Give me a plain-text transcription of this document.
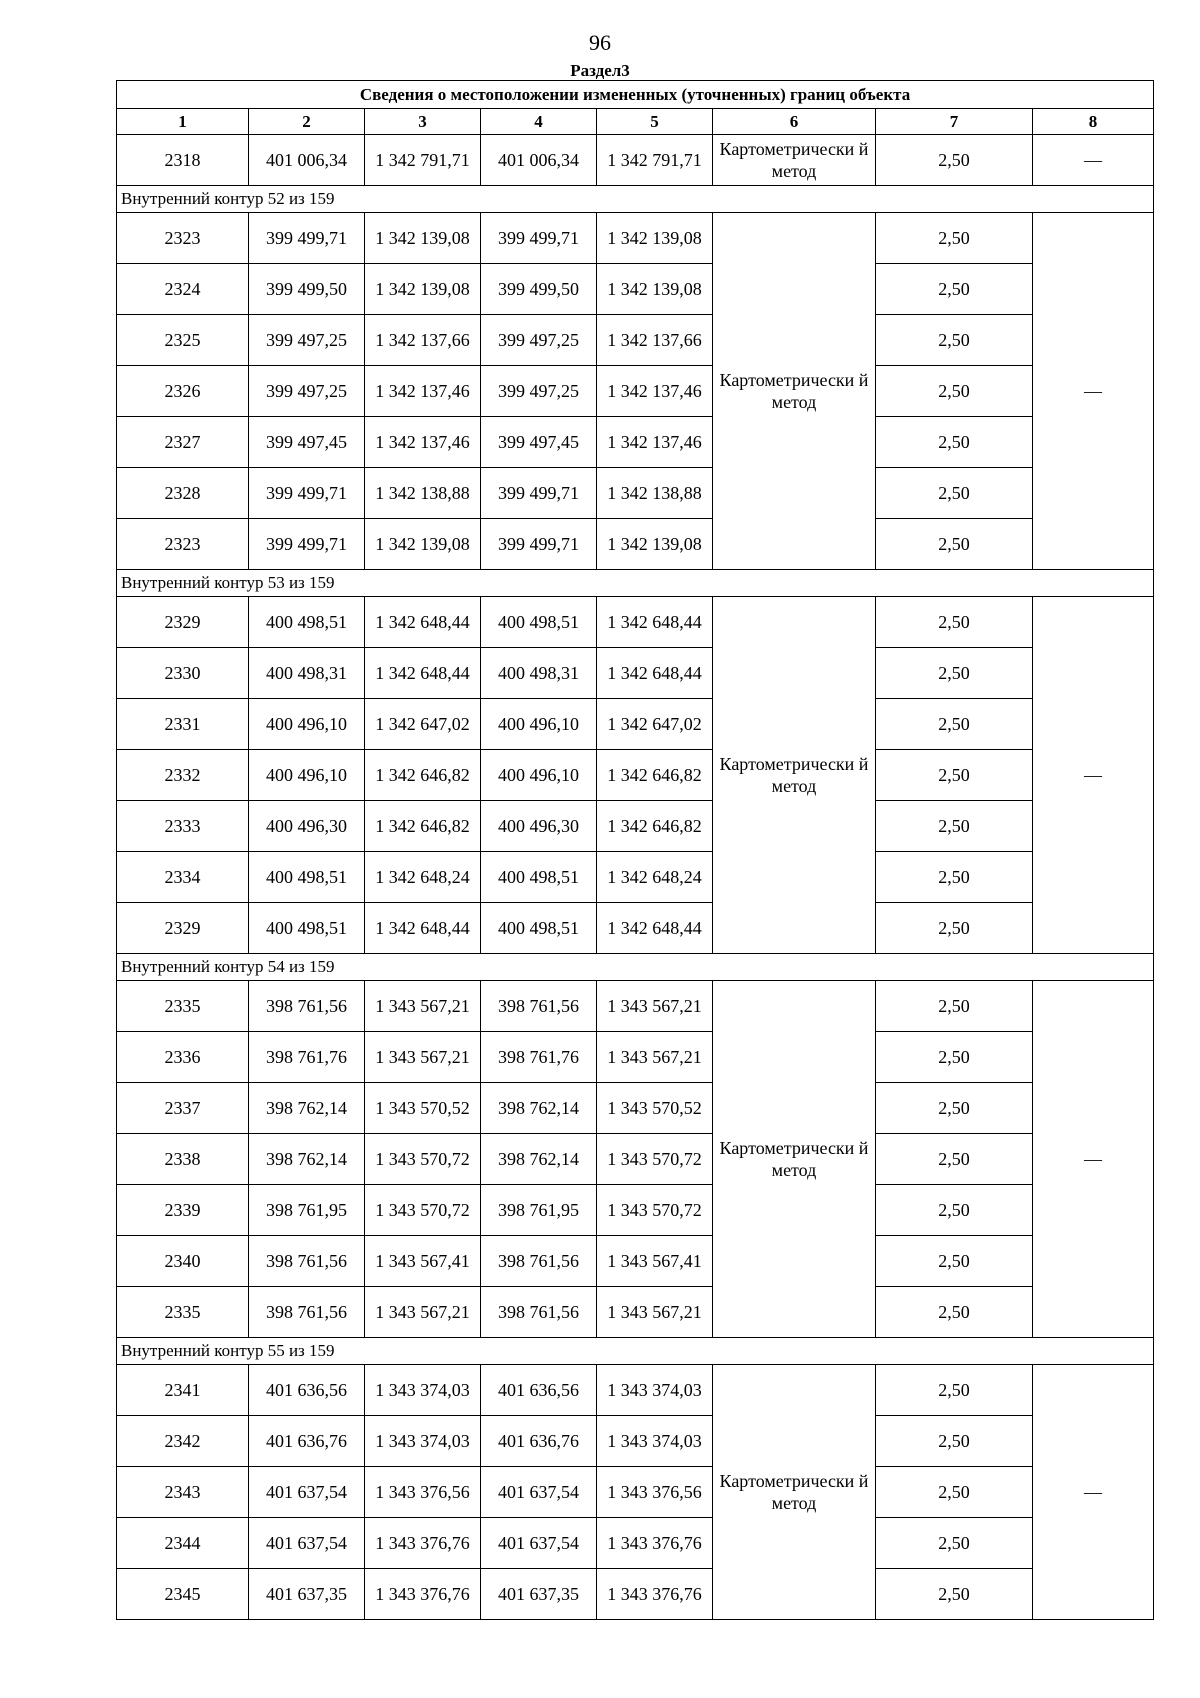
96
Раздел3
Сведения о местоположении измененных (уточненных) границ объекта							
1	2	3	4	5	6	7	8
2318	401 006,34	1 342 791,71	401 006,34	1 342 791,71	Картометрически й метод	2,50	—
Внутренний контур 52 из 159							
2323	399 499,71	1 342 139,08	399 499,71	1 342 139,08	Картометрически й метод	2,50	—
2324	399 499,50	1 342 139,08	399 499,50	1 342 139,08		2,50	
2325	399 497,25	1 342 137,66	399 497,25	1 342 137,66		2,50	
2326	399 497,25	1 342 137,46	399 497,25	1 342 137,46		2,50	
2327	399 497,45	1 342 137,46	399 497,45	1 342 137,46		2,50	
2328	399 499,71	1 342 138,88	399 499,71	1 342 138,88		2,50	
2323	399 499,71	1 342 139,08	399 499,71	1 342 139,08		2,50	
Внутренний контур 53 из 159							
2329	400 498,51	1 342 648,44	400 498,51	1 342 648,44	Картометрически й метод	2,50	—
2330	400 498,31	1 342 648,44	400 498,31	1 342 648,44		2,50	
2331	400 496,10	1 342 647,02	400 496,10	1 342 647,02		2,50	
2332	400 496,10	1 342 646,82	400 496,10	1 342 646,82		2,50	
2333	400 496,30	1 342 646,82	400 496,30	1 342 646,82		2,50	
2334	400 498,51	1 342 648,24	400 498,51	1 342 648,24		2,50	
2329	400 498,51	1 342 648,44	400 498,51	1 342 648,44		2,50	
Внутренний контур 54 из 159							
2335	398 761,56	1 343 567,21	398 761,56	1 343 567,21	Картометрически й метод	2,50	—
2336	398 761,76	1 343 567,21	398 761,76	1 343 567,21		2,50	
2337	398 762,14	1 343 570,52	398 762,14	1 343 570,52		2,50	
2338	398 762,14	1 343 570,72	398 762,14	1 343 570,72		2,50	
2339	398 761,95	1 343 570,72	398 761,95	1 343 570,72		2,50	
2340	398 761,56	1 343 567,41	398 761,56	1 343 567,41		2,50	
2335	398 761,56	1 343 567,21	398 761,56	1 343 567,21		2,50	
Внутренний контур 55 из 159							
2341	401 636,56	1 343 374,03	401 636,56	1 343 374,03	Картометрически й метод	2,50	—
2342	401 636,76	1 343 374,03	401 636,76	1 343 374,03		2,50	
2343	401 637,54	1 343 376,56	401 637,54	1 343 376,56		2,50	
2344	401 637,54	1 343 376,76	401 637,54	1 343 376,76		2,50	
2345	401 637,35	1 343 376,76	401 637,35	1 343 376,76		2,50	
